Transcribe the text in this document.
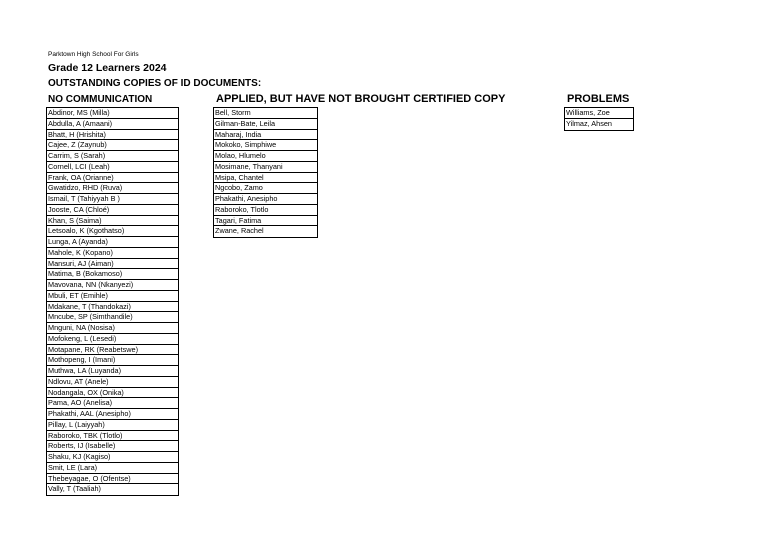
Parktown High School For Girls
Grade 12 Learners 2024
OUTSTANDING COPIES OF ID DOCUMENTS:
NO COMMUNICATION	APPLIED, BUT HAVE NOT BROUGHT CERTIFIED COPY	PROBLEMS
Abdinor, MS (Milla)
Abdulla, A (Amaani)
Bhatt, H (Hrishita)
Cajee, Z (Zaynub)
Carrim, S (Sarah)
Cornell, LCI (Leah)
Frank, OA (Orianne)
Gwatidzo, RHD (Ruva)
Ismail, T (Tahiyyah B )
Jooste, CA (Chloé)
Khan, S (Saima)
Letsoalo, K (Kgothatso)
Lunga, A (Ayanda)
Mahole, K (Kopano)
Mansuri, AJ (Aiman)
Matima, B (Bokamoso)
Mavovana, NN (Nkanyezi)
Mbuli, ET (Emihle)
Mdakane, T (Thandokazi)
Mncube, SP (Simthandile)
Mnguni, NA (Nosisa)
Mofokeng, L (Lesedi)
Motapane, RK (Reabetswe)
Mothopeng, I (Imani)
Muthwa, LA (Luyanda)
Ndlovu, AT (Anele)
Nodangala, OX (Onika)
Pama, AO (Anelisa)
Phakathi, AAL (Anesipho)
Pillay, L (Laiyyah)
Raboroko, TBK (Tlotlo)
Roberts, IJ (Isabelle)
Shaku, KJ (Kagiso)
Smit, LE (Lara)
Thebeyagae, O (Ofentse)
Vally, T (Taaliah)
Bell, Storm
Gilman-Bate, Leila
Maharaj, India
Mokoko, Simphiwe
Molao, Hlumelo
Mosimane, Thanyani
Msipa, Chantel
Ngcobo, Zamo
Phakathi, Anesipho
Raboroko, Tlotlo
Tagari, Fatima
Zwane, Rachel
Williams, Zoe
Yilmaz, Ahsen
